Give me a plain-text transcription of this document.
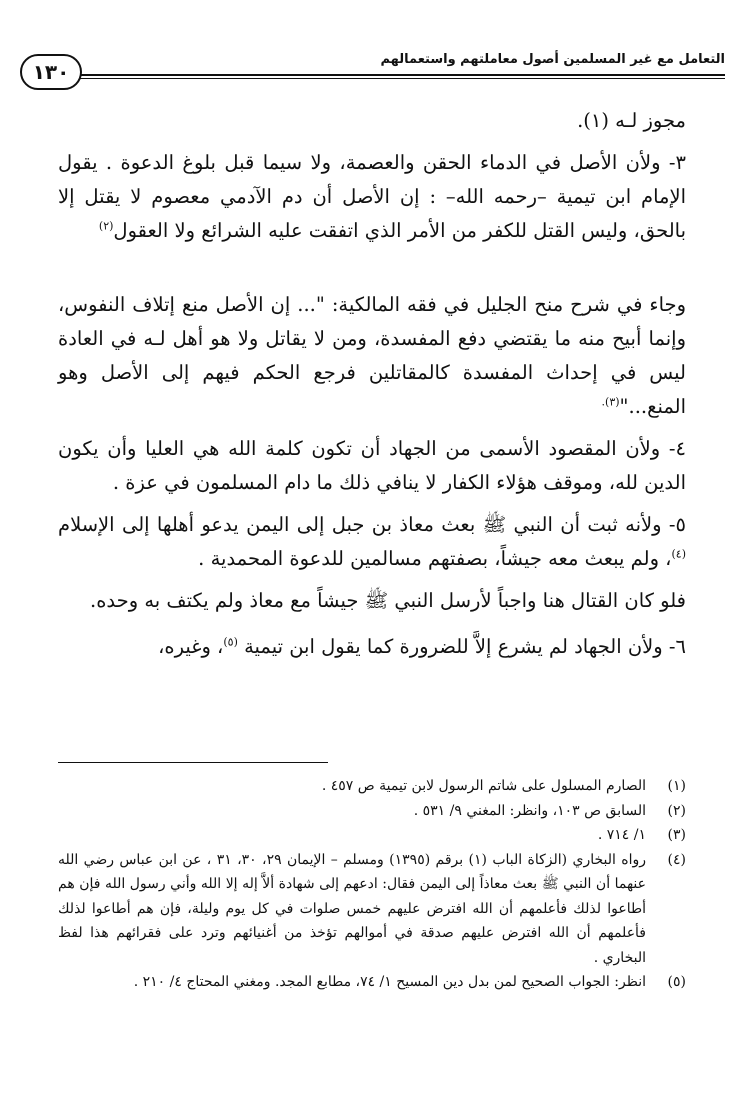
التعامل مع غير المسلمين أصول معاملتهم واستعمالهم
١٣٠

مجوز لـه (١).

٣- ولأن الأصل في الدماء الحقن والعصمة، ولا سيما قبل بلوغ الدعوة . يقول الإمام ابن تيمية –رحمه الله– : إن الأصل أن دم الآدمي معصوم لا يقتل إلا بالحق، وليس القتل للكفر من الأمر الذي اتفقت عليه الشرائع ولا العقول$^{(٢)}$

وجاء في شرح منح الجليل في فقه المالكية: "... إن الأصل منع إتلاف النفوس، وإنما أبيح منه ما يقتضي دفع المفسدة، ومن لا يقاتل ولا هو أهل لـه في العادة ليس في إحداث المفسدة كالمقاتلين فرجع الحكم فيهم إلى الأصل وهو المنع..."$^{(٣).}$

٤- ولأن المقصود الأسمى من الجهاد أن تكون كلمة الله هي العليا وأن يكون الدين لله، وموقف هؤلاء الكفار لا ينافي ذلك ما دام المسلمون في عزة .

٥- ولأنه ثبت أن النبي ﷺ بعث معاذ بن جبل إلى اليمن يدعو أهلها إلى الإسلام $^{(٤)}$، ولم يبعث معه جيشاً، بصفتهم مسالمين للدعوة المحمدية .

فلو كان القتال هنا واجباً لأرسل النبي ﷺ جيشاً مع معاذ ولم يكتف به وحده.

٦- ولأن الجهاد لم يشرع إلاَّ للضرورة كما يقول ابن تيمية $^{(٥)}$، وغيره،

(١)
الصارم المسلول على شاتم الرسول لابن تيمية ص ٤٥٧ .
(٢)
السابق ص ١٠٣، وانظر: المغني ٩/ ٥٣١ .
(٣)
١/ ٧١٤ .
(٤)
رواه البخاري (الزكاة الباب (١) برقم (١٣٩٥) ومسلم – الإيمان ٢٩، ٣٠، ٣١ ، عن ابن عباس رضي الله عنهما أن النبي ﷺ بعث معاذاً إلى اليمن فقال: ادعهم إلى شهادة ألاَّ إله إلا الله وأني رسول الله فإن هم أطاعوا لذلك فأعلمهم أن الله افترض عليهم خمس صلوات في كل يوم وليلة، فإن هم أطاعوا لذلك فأعلمهم أن الله افترض عليهم صدقة في أموالهم تؤخذ من أغنيائهم وترد على فقرائهم هذا لفظ البخاري .
(٥)
انظر: الجواب الصحيح لمن بدل دين المسيح ١/ ٧٤، مطابع المجد. ومغني المحتاج ٤/ ٢١٠ .
